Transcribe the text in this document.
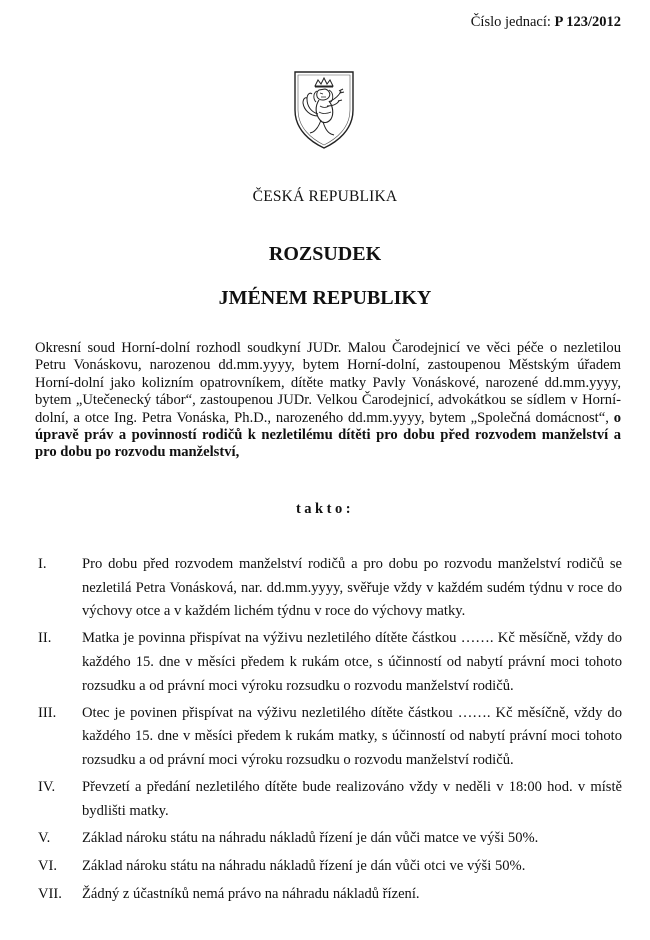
Číslo jednací: P 123/2012
ČESKÁ REPUBLIKA
ROZSUDEK
JMÉNEM REPUBLIKY
Okresní soud Horní-dolní rozhodl soudkyní JUDr. Malou Čarodejnicí ve věci péče o nezletilou Petru Vonáskovu, narozenou dd.mm.yyyy, bytem Horní-dolní, zastoupenou Městským úřadem Horní-dolní jako kolizním opatrovníkem, dítěte matky Pavly Vonáskové, narozené dd.mm.yyyy, bytem „Utečenecký tábor“, zastoupenou JUDr. Velkou Čarodejnicí, advokátkou se sídlem v Horní-dolní, a otce Ing. Petra Vonáska, Ph.D., narozeného dd.mm.yyyy, bytem „Společná domácnost“, o úpravě práv a povinností rodičů k nezletilému dítěti pro dobu před rozvodem manželství a pro dobu po rozvodu manželství,
takto:
I.	Pro dobu před rozvodem manželství rodičů a pro dobu po rozvodu manželství rodičů se nezletilá Petra Vonásková, nar. dd.mm.yyyy, svěřuje vždy v každém sudém týdnu v roce do výchovy otce a v každém lichém týdnu v roce do výchovy matky.
II.	Matka je povinna přispívat na výživu nezletilého dítěte částkou ……. Kč měsíčně, vždy do každého 15. dne v měsíci předem k rukám otce, s účinností od nabytí právní moci tohoto rozsudku a od právní moci výroku rozsudku o rozvodu manželství rodičů.
III.	Otec je povinen přispívat na výživu nezletilého dítěte částkou ……. Kč měsíčně, vždy do každého 15. dne v měsíci předem k rukám matky, s účinností od nabytí právní moci tohoto rozsudku a od právní moci výroku rozsudku o rozvodu manželství rodičů.
IV.	Převzetí a předání nezletilého dítěte bude realizováno vždy v neděli v 18:00 hod. v místě bydlišti matky.
V.	Základ nároku státu na náhradu nákladů řízení je dán vůči matce ve výši 50%.
VI.	Základ nároku státu na náhradu nákladů řízení je dán vůči otci ve výši 50%.
VII.	Žádný z účastníků nemá právo na náhradu nákladů řízení.
